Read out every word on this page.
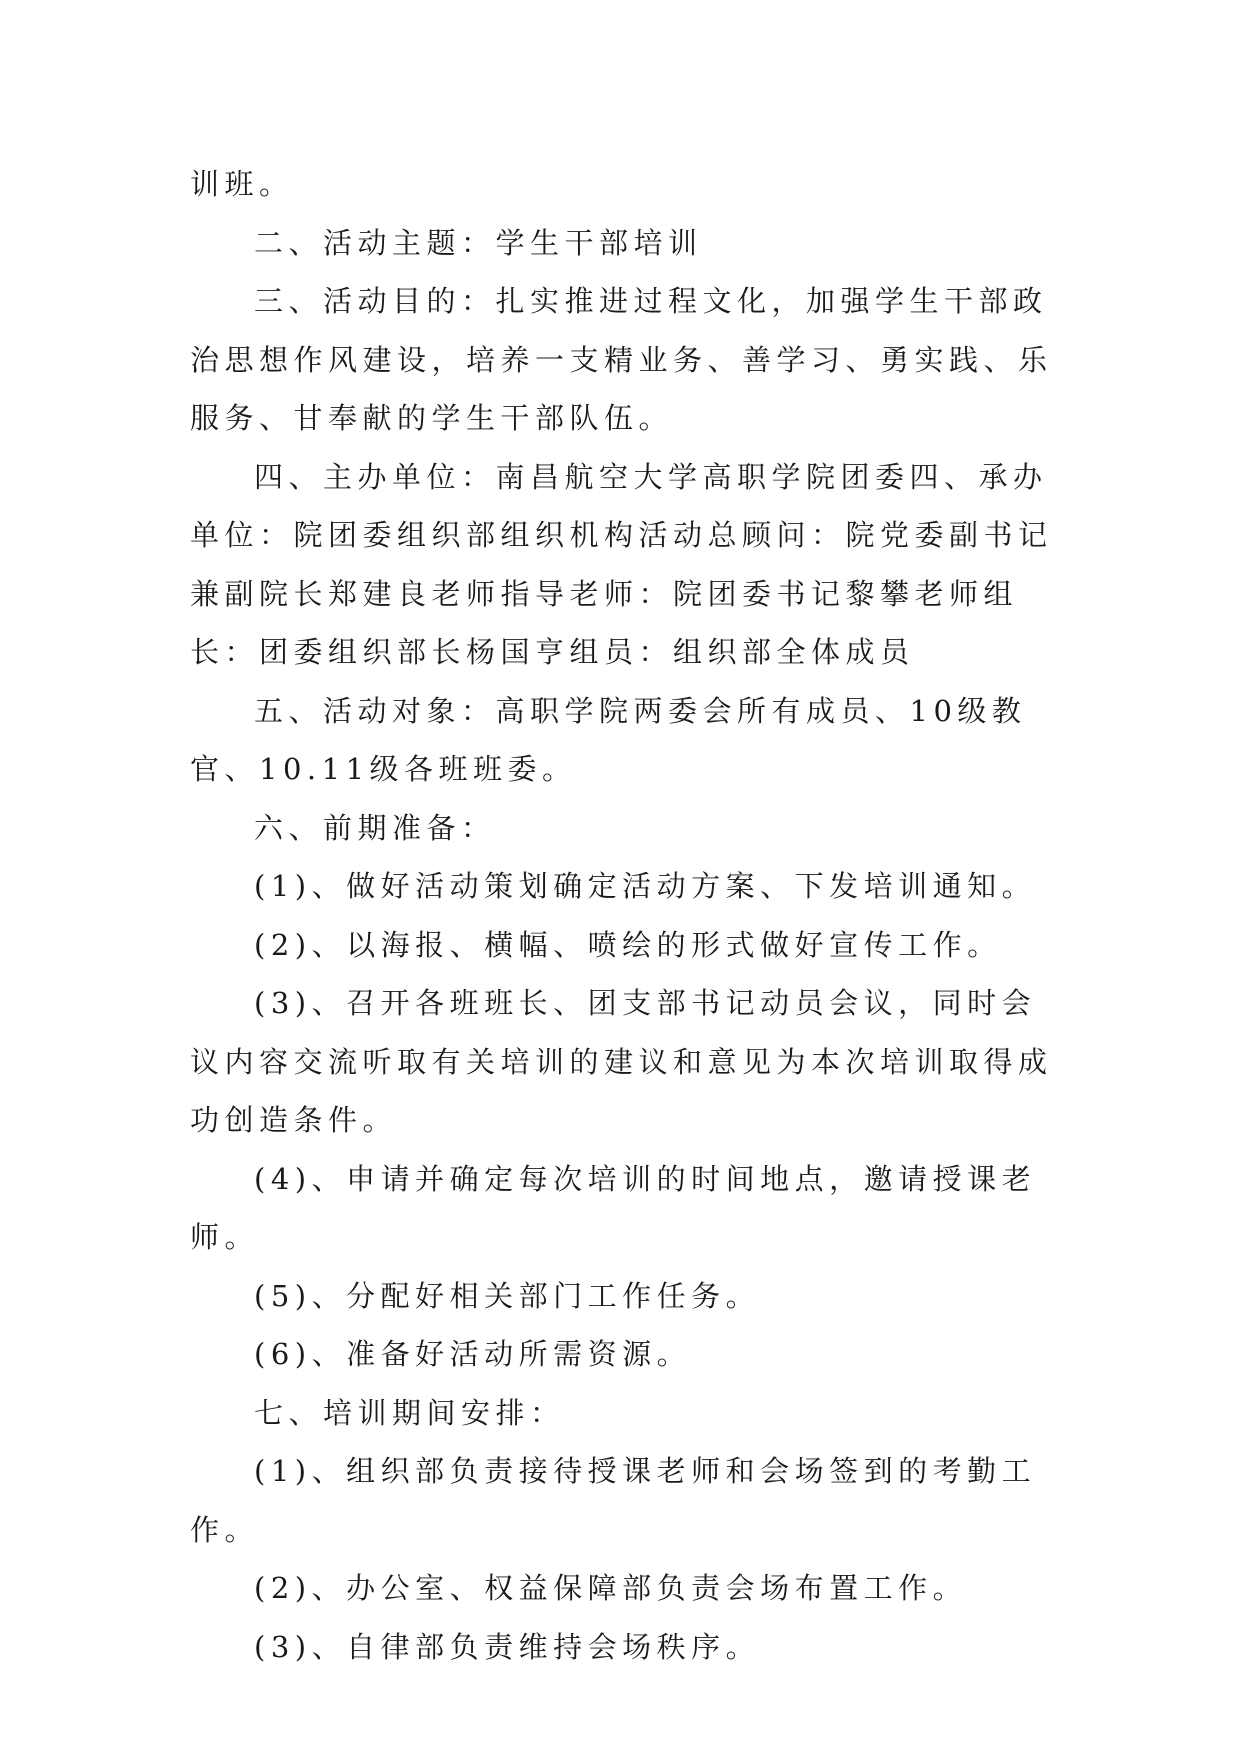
训班。

二、活动主题：学生干部培训

三、活动目的：扎实推进过程文化，加强学生干部政治思想作风建设，培养一支精业务、善学习、勇实践、乐服务、甘奉献的学生干部队伍。

四、主办单位：南昌航空大学高职学院团委四、承办单位：院团委组织部组织机构活动总顾问：院党委副书记兼副院长郑建良老师指导老师：院团委书记黎攀老师组长：团委组织部长杨国亨组员：组织部全体成员

五、活动对象：高职学院两委会所有成员、10级教官、10.11级各班班委。

六、前期准备：

(1)、做好活动策划确定活动方案、下发培训通知。

(2)、以海报、横幅、喷绘的形式做好宣传工作。

(3)、召开各班班长、团支部书记动员会议，同时会议内容交流听取有关培训的建议和意见为本次培训取得成功创造条件。

(4)、申请并确定每次培训的时间地点，邀请授课老师。

(5)、分配好相关部门工作任务。

(6)、准备好活动所需资源。

七、培训期间安排：

(1)、组织部负责接待授课老师和会场签到的考勤工作。

(2)、办公室、权益保障部负责会场布置工作。

(3)、自律部负责维持会场秩序。
